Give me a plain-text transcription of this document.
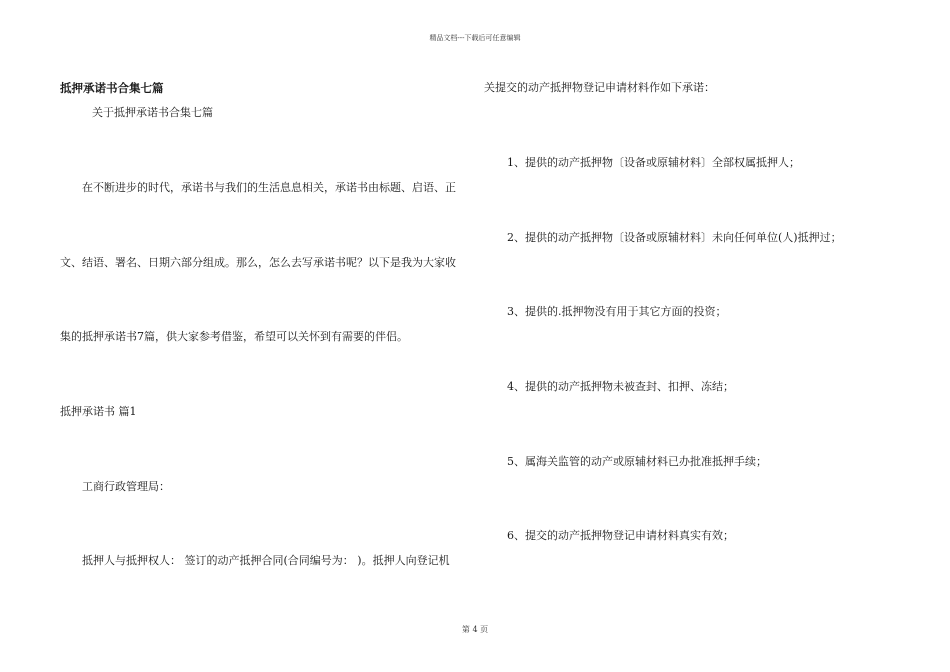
精品文档---下载后可任意编辑
抵押承诺书合集七篇
关于抵押承诺书合集七篇
在不断进步的时代，承诺书与我们的生活息息相关，承诺书由标题、启语、正
文、结语、署名、日期六部分组成。那么，怎么去写承诺书呢？以下是我为大家收
集的抵押承诺书7篇，供大家参考借鉴，希望可以关怀到有需要的伴侣。
抵押承诺书 篇1
工商行政管理局：
抵押人与抵押权人： 签订的动产抵押合同(合同编号为： )。抵押人向登记机
关提交的动产抵押物登记申请材料作如下承诺：
1、提供的动产抵押物〔设备或原辅材料〕全部权属抵押人；
2、提供的动产抵押物〔设备或原辅材料〕未向任何单位(人)抵押过；
3、提供的.抵押物没有用于其它方面的投资；
4、提供的动产抵押物未被查封、扣押、冻结；
5、属海关监管的动产或原辅材料已办批准抵押手续；
6、提交的动产抵押物登记申请材料真实有效；
第 4 页
